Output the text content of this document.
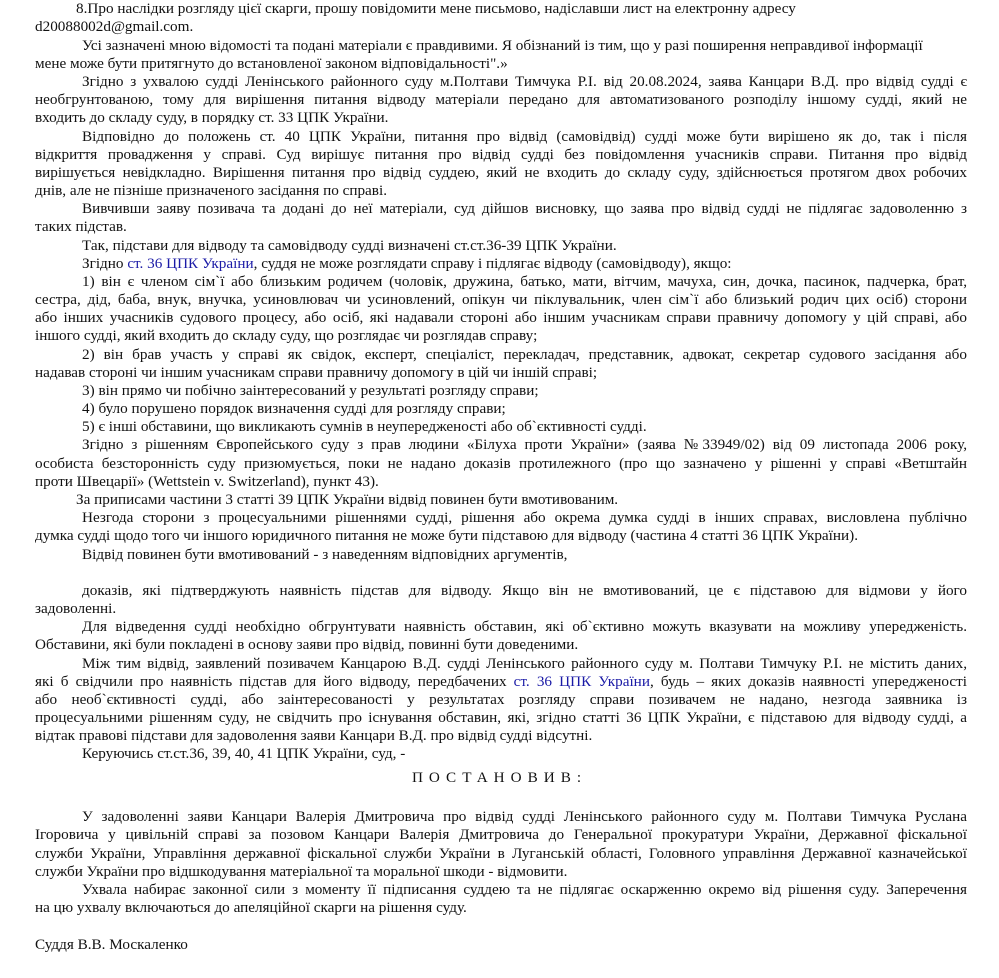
8.Про наслідки розгляду цієї скарги, прошу повідомити мене письмово, надіславши лист на електронну адресу
d20088002d@gmail.com.
Усі зазначені мною відомості та подані матеріали є правдивими. Я обізнаний із тим, що у разі поширення неправдивої інформації
мене може бути притягнуто до встановленої законом відповідальності".»
Згідно з ухвалою судді Ленінського районного суду м.Полтави Тимчука Р.І. від 20.08.2024, заява Канцари В.Д. про відвід судді є
необгрунтованою, тому для вирішення питання відводу матеріали передано для автоматизованого розподілу іншому судді, який не
входить до складу суду, в порядку ст. 33 ЦПК України.
Відповідно до положень ст. 40 ЦПК України, питання про відвід (самовідвід) судді може бути вирішено як до, так і після
відкриття провадження у справі. Суд вирішує питання про відвід судді без повідомлення учасників справи. Питання про відвід
вирішується невідкладно. Вирішення питання про відвід суддею, який не входить до складу суду, здійснюється протягом двох робочих
днів, але не пізніше призначеного засідання по справі.
Вивчивши заяву позивача та додані до неї матеріали, суд дійшов висновку, що заява про відвід судді не підлягає задоволенню з
таких підстав.
Так, підстави для відводу та самовідводу судді визначені ст.ст.36-39 ЦПК України.
Згідно ст. 36 ЦПК України, суддя не може розглядати справу і підлягає відводу (самовідводу), якщо:
1) він є членом сім`ї або близьким родичем (чоловік, дружина, батько, мати, вітчим, мачуха, син, дочка, пасинок, падчерка, брат,
сестра, дід, баба, внук, внучка, усиновлювач чи усиновлений, опікун чи піклувальник, член сім`ї або близький родич цих осіб) сторони
або інших учасників судового процесу, або осіб, які надавали стороні або іншим учасникам справи правничу допомогу у цій справі, або
іншого судді, який входить до складу суду, що розглядає чи розглядав справу;
2) він брав участь у справі як свідок, експерт, спеціаліст, перекладач, представник, адвокат, секретар судового засідання або
надавав стороні чи іншим учасникам справи правничу допомогу в цій чи іншій справі;
3) він прямо чи побічно заінтересований у результаті розгляду справи;
4) було порушено порядок визначення судді для розгляду справи;
5) є інші обставини, що викликають сумнів в неупередженості або об`єктивності судді.
Згідно з рішенням Європейського суду з прав людини «Білуха проти України» (заява №33949/02) від 09 листопада 2006 року,
особиста безсторонність суду призюмується, поки не надано доказів протилежного (про що зазначено у рішенні у справі «Ветштайн
проти Швецарії» (Wettstein v. Switzerland), пункт 43).
За приписами частини 3 статті 39 ЦПК України відвід повинен бути вмотивованим.
Незгода сторони з процесуальними рішеннями судді, рішення або окрема думка судді в інших справах, висловлена публічно
думка судді щодо того чи іншого юридичного питання не може бути підставою для відводу (частина 4 статті 36 ЦПК України).
Відвід повинен бути вмотивований - з наведенням відповідних аргументів,
доказів, які підтверджують наявність підстав для відводу. Якщо він не вмотивований, це є підставою для відмови у його
задоволенні.
Для відведення судді необхідно обгрунтувати наявність обставин, які об`єктивно можуть вказувати на можливу упередженість.
Обставини, які були покладені в основу заяви про відвід, повинні бути доведеними.
Між тим відвід, заявлений позивачем Канцарою В.Д. судді Ленінського районного суду м. Полтави Тимчуку Р.І. не містить даних,
які б свідчили про наявність підстав для його відводу, передбачених ст. 36 ЦПК України, будь – яких доказів наявності упередженості
або необ`єктивності судді, або заінтересованості у результатах розгляду справи позивачем не надано, незгода заявника із
процесуальними рішенням суду, не свідчить про існування обставин, які, згідно статті 36 ЦПК України, є підставою для відводу судді, а
відтак правові підстави для задоволення заяви Канцари В.Д. про відвід судді відсутні.
Керуючись ст.ст.36, 39, 40, 41 ЦПК України, суд, -
ПОСТАНОВИВ:
У задоволенні заяви Канцари Валерія Дмитровича про відвід судді Ленінського районного суду м. Полтави Тимчука Руслана
Ігоровича у цивільній справі за позовом Канцари Валерія Дмитровича до Генеральної прокуратури України, Державної фіскальної
служби України, Управління державної фіскальної служби України в Луганській області, Головного управління Державної казначейської
служби України про відшкодування матеріальної та моральної шкоди - відмовити.
Ухвала набирає законної сили з моменту її підписання суддею та не підлягає оскарженню окремо від рішення суду. Заперечення
на цю ухвалу включаються до апеляційної скарги на рішення суду.
Суддя В.В. Москаленко
